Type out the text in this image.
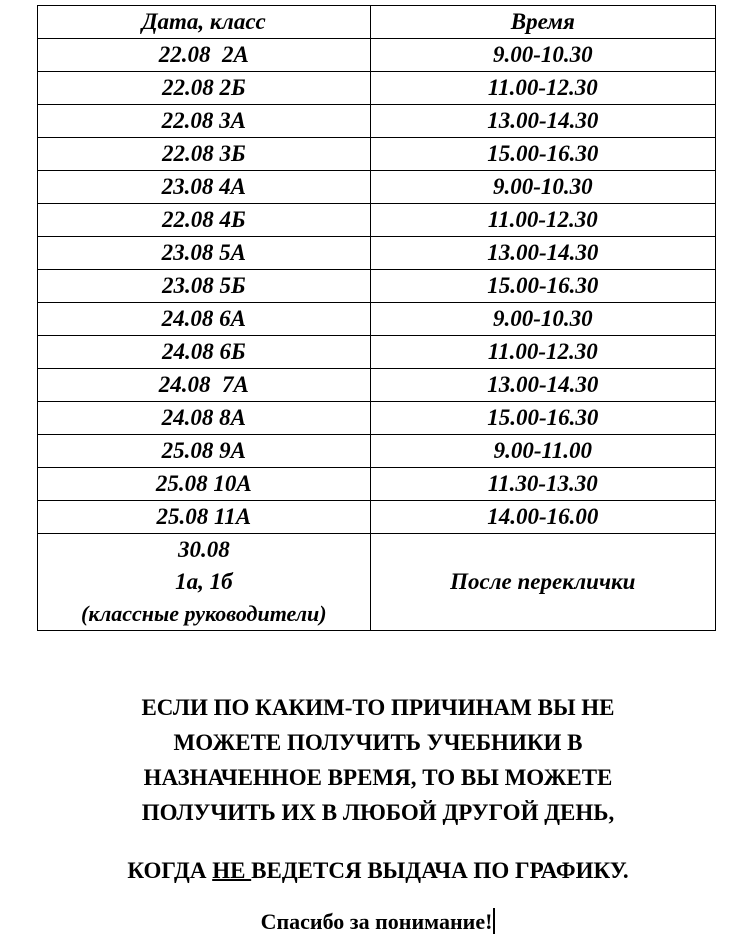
Дата, класс	Время
22.08  2А	9.00-10.30
22.08 2Б	11.00-12.30
22.08 3А	13.00-14.30
22.08 3Б	15.00-16.30
23.08 4А	9.00-10.30
22.08 4Б	11.00-12.30
23.08 5А	13.00-14.30
23.08 5Б	15.00-16.30
24.08 6А	9.00-10.30
24.08 6Б	11.00-12.30
24.08  7А	13.00-14.30
24.08 8А	15.00-16.30
25.08 9А	9.00-11.00
25.08 10А	11.30-13.30
25.08 11А	14.00-16.00

30.08
1а, 1б
(классные руководители)	После переклички
ЕСЛИ ПО КАКИМ-ТО ПРИЧИНАМ ВЫ НЕ
МОЖЕТЕ ПОЛУЧИТЬ УЧЕБНИКИ В
НАЗНАЧЕННОЕ ВРЕМЯ, ТО ВЫ МОЖЕТЕ
ПОЛУЧИТЬ ИХ В ЛЮБОЙ ДРУГОЙ ДЕНЬ,
КОГДА НЕ ВЕДЕТСЯ ВЫДАЧА ПО ГРАФИКУ.
Спасибо за понимание!
